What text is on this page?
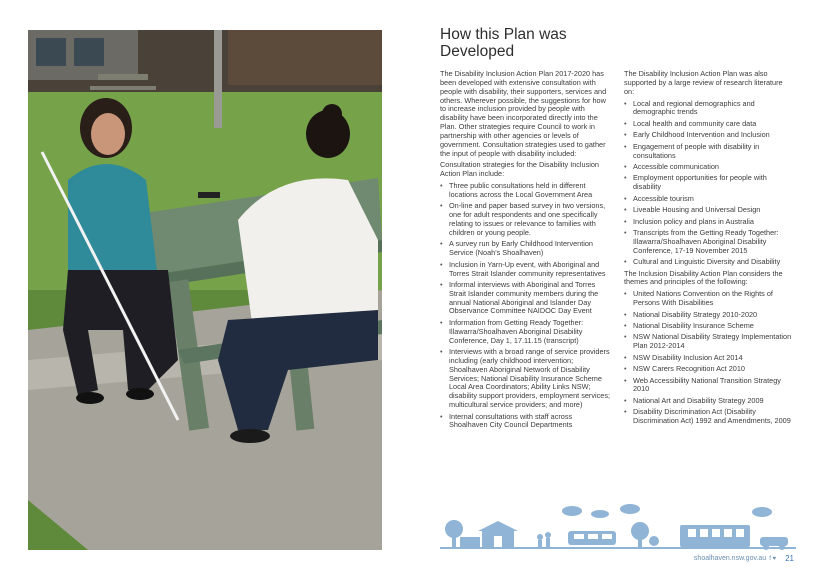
How this Plan was Developed

The Disability Inclusion Action Plan 2017-2020 has been developed with extensive consultation with people with disability, their supporters, services and others. Wherever possible, the suggestions for how to increase inclusion provided by people with disability have been incorporated directly into the Plan. Other strategies require Council to work in partnership with other agencies or levels of government. Consultation strategies used to gather the input of people with disability included:

Consultation strategies for the Disability Inclusion Action Plan include:

• Three public consultations held in different locations across the Local Government Area
• On-line and paper based survey in two versions, one for adult respondents and one specifically relating to issues or relevance to families with children or young people.
• A survey run by Early Childhood Intervention Service (Noah's Shoalhaven)
• Inclusion in Yarn-Up event, with Aboriginal and Torres Strait Islander community representatives
• Informal interviews with Aboriginal and Torres Strait Islander community members during the annual National Aboriginal and Islander Day Observance Committee NAIDOC Day Event
• Information from Getting Ready Together: Illawarra/Shoalhaven Aboriginal Disability Conference, Day 1, 17.11.15 (transcript)
• Interviews with a broad range of service providers including (early childhood intervention; Shoalhaven Aboriginal Network of Disability Services; National Disability Insurance Scheme Local Area Coordinators; Ability Links NSW; disability support providers, employment services; multicultural service providers; and more)
• Internal consultations with staff across Shoalhaven City Council Departments

The Disability Inclusion Action Plan was also supported by a large review of research literature on:

• Local and regional demographics and demographic trends
• Local health and community care data
• Early Childhood Intervention and Inclusion
• Engagement of people with disability in consultations
• Accessible communication
• Employment opportunities for people with disability
• Accessible tourism
• Liveable Housing and Universal Design
• Inclusion policy and plans in Australia
• Transcripts from the Getting Ready Together: Illawarra/Shoalhaven Aboriginal Disability Conference, 17-19 November 2015
• Cultural and Linguistic Diversity and Disability

The Inclusion Disability Action Plan considers the themes and principles of the following:

• United Nations Convention on the Rights of Persons With Disabilities
• National Disability Strategy 2010-2020
• National Disability Insurance Scheme
• NSW National Disability Strategy Implementation Plan 2012-2014
• NSW Disability Inclusion Act 2014
• NSW Carers Recognition Act 2010
• Web Accessibility National Transition Strategy 2010
• National Art and Disability Strategy 2009
• Disability Discrimination Act (Disability Discrimination Act) 1992 and Amendments, 2009
shoalhaven.nsw.gov.au f ♥ 21
